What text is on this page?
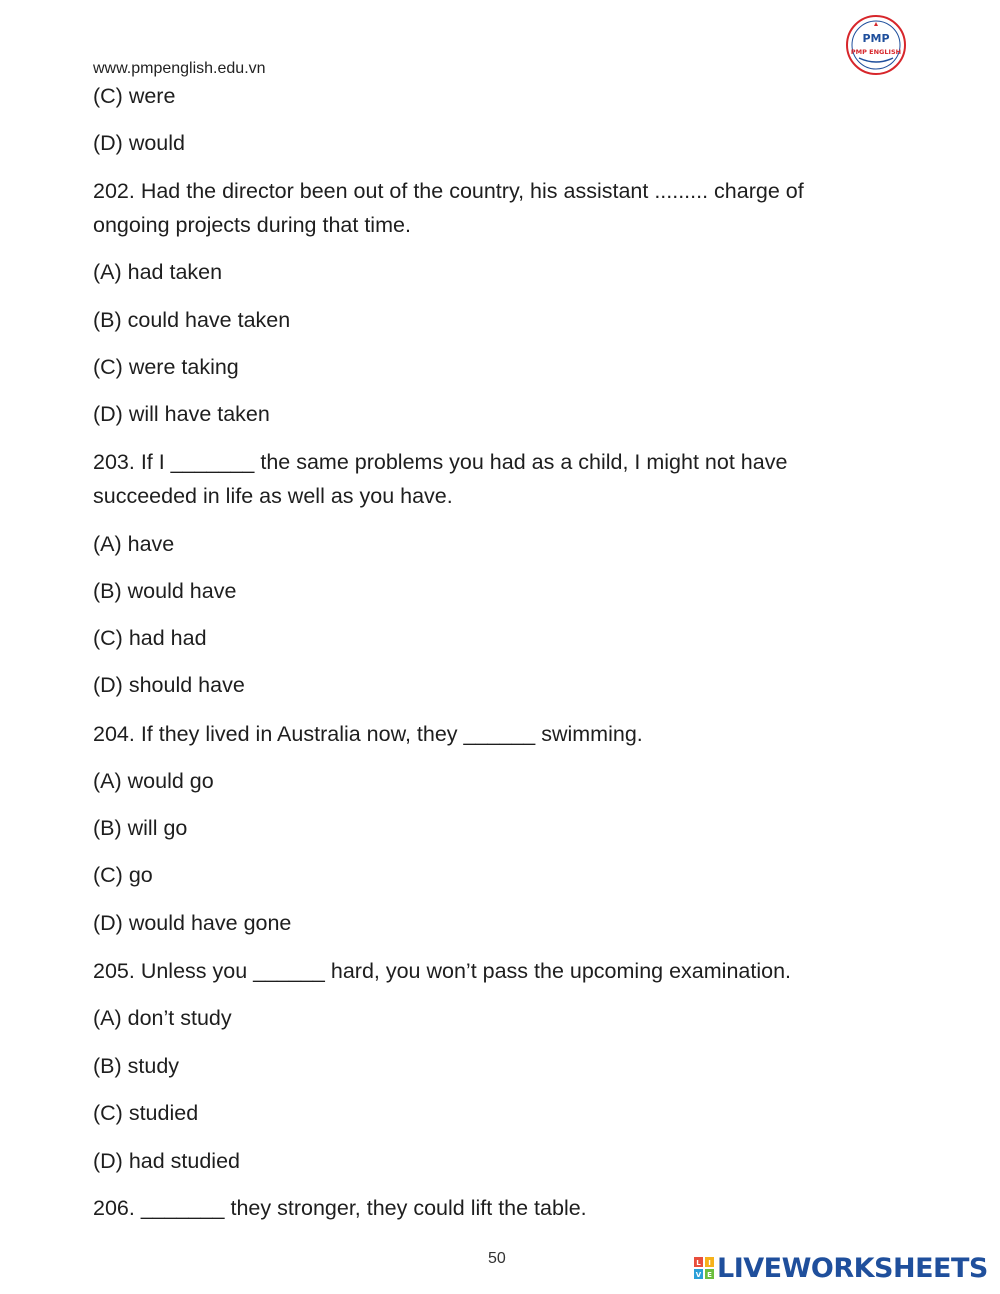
www.pmpenglish.edu.vn
PMP
PMP ENGLISH
(C) were
(D) would
202. Had the director been out of the country, his assistant ......... charge of
ongoing projects during that time.
(A) had taken
(B) could have taken
(C) were taking
(D) will have taken
203. If I _______ the same problems you had as a child, I might not have
succeeded in life as well as you have.
(A) have
(B) would have
(C) had had
(D) should have
204. If they lived in Australia now, they ______ swimming.
(A) would go
(B) will go
(C) go
(D) would have gone
205. Unless you ______ hard, you won’t pass the upcoming examination.
(A) don’t study
(B) study
(C) studied
(D) had studied
206. _______ they stronger, they could lift the table.
50	L I
V E LIVEWORKSHEETS
